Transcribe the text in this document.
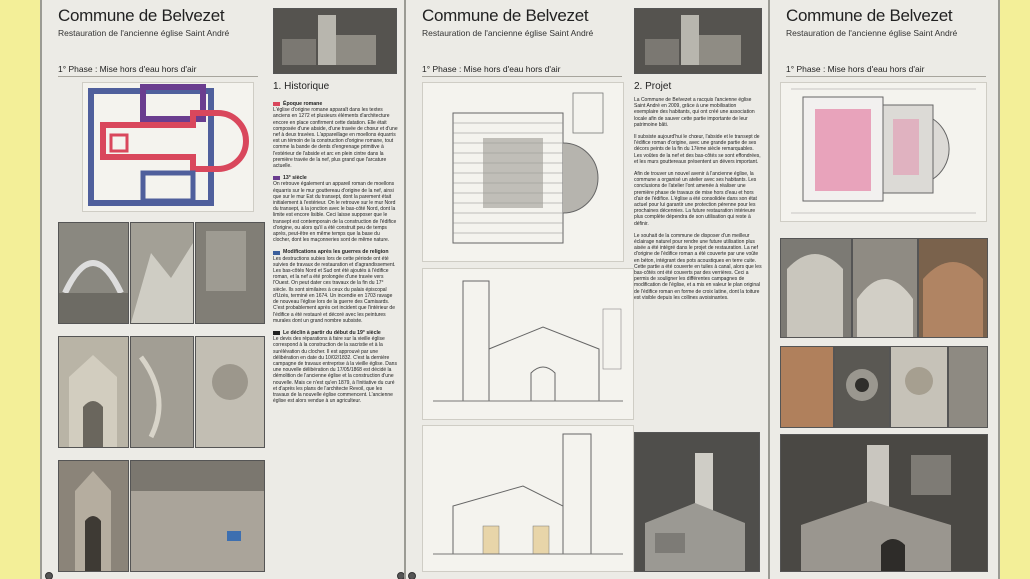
Commune de Belvezet
Restauration de l'ancienne église Saint André
1° Phase : Mise hors d'eau hors d'air
1. Historique
Époque romane

L'église d'origine romane apparaît dans les textes anciens en 1272 et plusieurs éléments d'architecture encore en place confirment cette datation. Elle était composée d'une abside, d'une travée de chœur et d'une nef à deux travées. L'appareillage en moellons équarris est un témoin de la construction d'origine romane, tout comme la bande de dents d'engrenage primitive à l'extérieur de l'abside et arc en plein cintre dans la première travée de la nef, plus grand que l'arcature actuelle.

13° siècle

On retrouve également un appareil roman de moellons équarris sur le mur gouttereau d'origine de la nef, ainsi que sur le mur Est du transept, dont la parement était initialement à l'extérieur. On le retrouve sur le mur Nord du transept, à la jonction avec le bas-côté Nord, dont la limite est encore lisible. Ceci laisse supposer que le transept est contemporain de la construction de l'édifice d'origine, ou alors qu'il a été construit peu de temps après, peut-être en même temps que la base du clocher, dont les maçonneries sont de même nature.

Modifications après les guerres de religion

Les destructions subies lors de cette période ont été suivies de travaux de restauration et d'agrandissement. Les bas-côtés Nord et Sud ont été ajoutés à l'édifice roman, et la nef a été prolongée d'une travée vers l'Ouest. On peut dater ces travaux de la fin du 17° siècle. Ils sont similaires à ceux du palais épiscopal d'Uzès, terminé en 1674. Un incendie en 1703 ravage de nouveau l'église lors de la guerre des Camisards. C'est probablement après cet incident que l'intérieur de l'édifice a été restauré et décoré avec les peintures murales dont un grand nombre subsiste.

Le déclin à partir du début du 19° siècle

Le devis des réparations à faire sur la vieille église correspond à la construction de la sacristie et à la surélévation du clocher. Il est approuvé par une délibération en date du 10/02/1832. C'est la dernière campagne de travaux entreprise à la vieille église. Dans une nouvelle délibération du 17/05/1868 est décidé la démolition de l'ancienne église et la construction d'une nouvelle. Mais ce n'est qu'en 1879, à l'initiative du curé et d'après les plans de l'architecte Revoil, que les travaux de la nouvelle église commencent. L'ancienne église est alors vendue à un agriculteur.

Commune de Belvezet
Restauration de l'ancienne église Saint André
1° Phase : Mise hors d'eau hors d'air
2. Projet

La Commune de Belvezet a racquis l'ancienne église Saint André en 2009, grâce à une mobilisation exemplaire des habitants, qui ont créé une association locale afin de sauver cette partie importante de leur patrimoine bâti.

Il subsiste aujourd'hui le chœur, l'abside et le transept de l'édifice roman d'origine, avec une grande partie de ses décors peints de la fin du 17ème siècle remarquables. Les voûtes de la nef et des bas-côtés se sont effondrées, et les murs gouttereaux présentent un dévers important.

Afin de trouver un nouvel avenir à l'ancienne église, la commune a organisé un atelier avec ses habitants. Les conclusions de l'atelier l'ont amenée à réaliser une première phase de travaux de mise hors d'eau et hors d'air de l'édifice. L'église a été consolidée dans son état actuel pour lui garantir une protection pérenne pour les prochaines décennies. La future restauration intérieure plus complète dépendra de son utilisation qui reste à définir.

Le souhait de la commune de disposer d'un meilleur éclairage naturel pour rendre une future utilisation plus aisée a été intégré dans le projet de restauration. La nef d'origine de l'édifice roman a été couverte par une voûte en béton, intégrant des pots acoustiques en terre cuite. Cette partie a été couverte en tuiles à canal, alors que les bas-côtés ont été couverts par des verrières. Ceci a permis de souligner les différentes campagnes de modification de l'église, et a mis en valeur le plan original de l'édifice roman en forme de croix latine, dont la toiture est visible depuis les collines avoisinantes.

Commune de Belvezet
Restauration de l'ancienne église Saint André
1° Phase : Mise hors d'eau hors d'air
